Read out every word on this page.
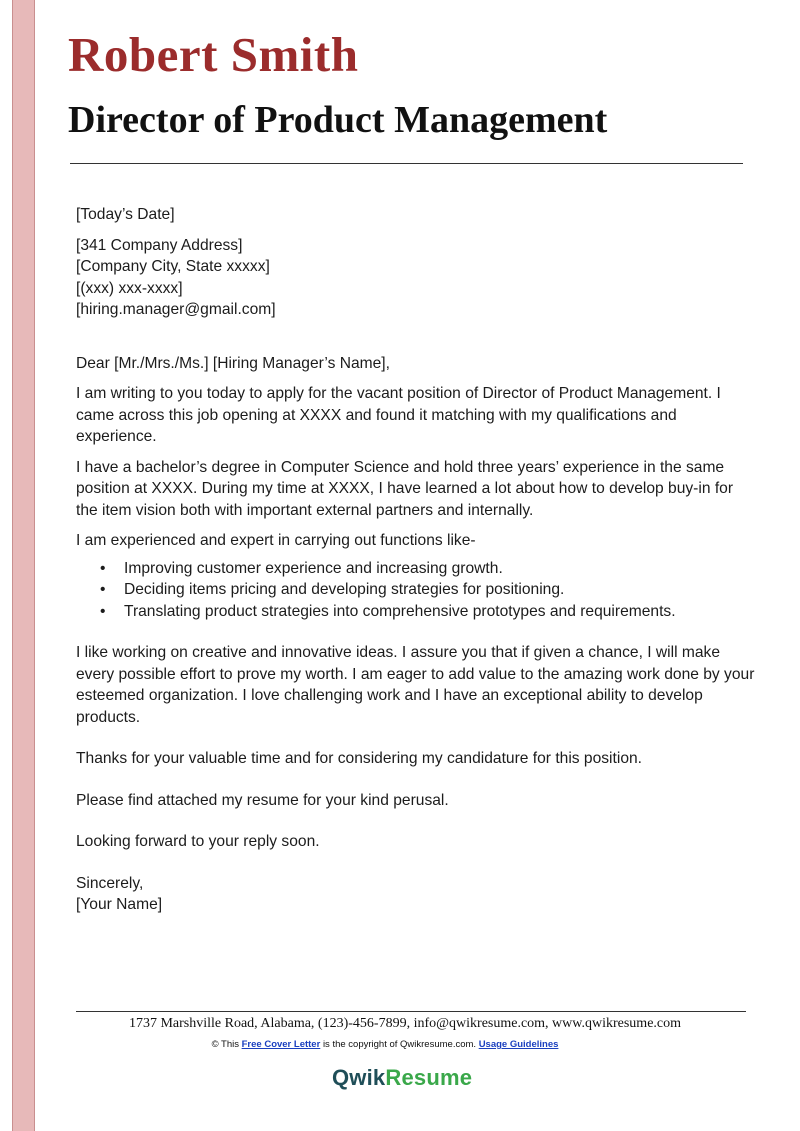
Robert Smith
Director of Product Management

[Today’s Date]

[341 Company Address]

[Company City, State xxxxx]

[(xxx) xxx-xxxx]

[hiring.manager@gmail.com]

Dear [Mr./Mrs./Ms.] [Hiring Manager’s Name],

I am writing to you today to apply for the vacant position of Director of Product Management. I came across this job opening at XXXX and found it matching with my qualifications and experience.

I have a bachelor’s degree in Computer Science and hold three years’ experience in the same position at XXXX. During my time at XXXX, I have learned a lot about how to develop buy-in for the item vision both with important external partners and internally.

I am experienced and expert in carrying out functions like-

• Improving customer experience and increasing growth.
• Deciding items pricing and developing strategies for positioning.
• Translating product strategies into comprehensive prototypes and requirements.

I like working on creative and innovative ideas. I assure you that if given a chance, I will make every possible effort to prove my worth. I am eager to add value to the amazing work done by your esteemed organization. I love challenging work and I have an exceptional ability to develop products.

Thanks for your valuable time and for considering my candidature for this position.

Please find attached my resume for your kind perusal.

Looking forward to your reply soon.

Sincerely,

[Your Name]

1737 Marshville Road, Alabama, (123)-456-7899, info@qwikresume.com, www.qwikresume.com
© This Free Cover Letter is the copyright of Qwikresume.com. Usage Guidelines
QwikResume
